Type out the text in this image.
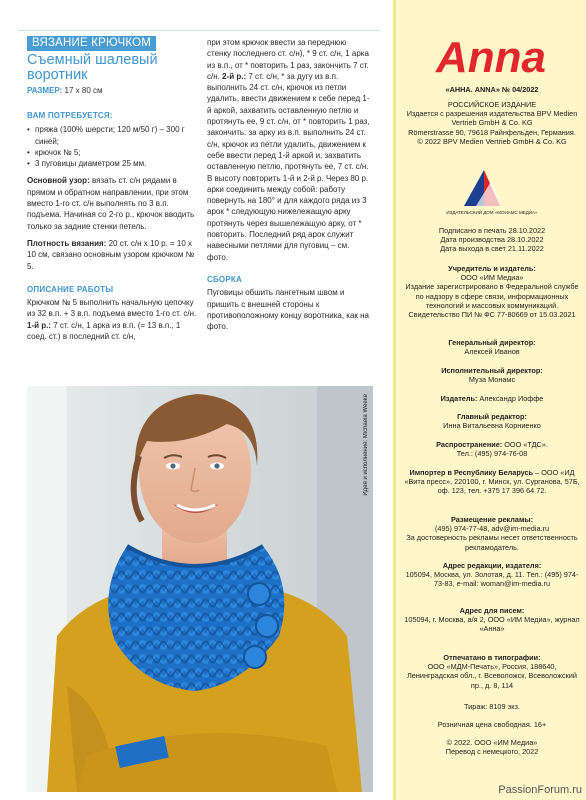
ВЯЗАНИЕ КРЮЧКОМ
Съемный шалевый воротник
РАЗМЕР: 17 х 80 см
ВАМ ПОТРЕБУЕТСЯ:
• пряжа (100% шерсти; 120 м/50 г) – 300 г синей;
• крючок № 5;
• 3 пуговицы диаметром 25 мм.
Основной узор: вязать ст. с/н рядами в прямом и обратном направлении, при этом вместо 1-го ст. с/н выполнять по 3 в.п. подъема. Начиная со 2-го р., крючок вводить только за задние стенки петель.
Плотность вязания: 20 ст. с/н х 10 р. = 10 х 10 см, связано основным узором крючком № 5.
ОПИСАНИЕ РАБОТЫ
Крючком № 5 выполнить начальную цепочку из 32 в.п. + 3 в.п. подъема вместо 1-го ст. с/н. 1-й р.: 7 ст. с/н, 1 арка из в.п. (= 13 в.п., 1 соед. ст.) в последний ст. с/н,
при этом крючок ввести за переднюю стенку последнего ст. с/н), * 9 ст. с/н, 1 арка из в.п., от * повторить 1 раз, закончить 7 ст. с/н. 2-й р.: 7 ст. с/н, * за дугу из в.п. выполнить 24 ст. с/н, крючок из петли удалить, ввести движением к себе перед 1-й аркой, захватить оставленную петлю и протянуть ее, 9 ст. с/н, от * повторить 1 раз, закончить: за арку из в.п. выполнить 24 ст. с/н, крючок из петли удалить, движением к себе ввести перед 1-й аркой и, захватить оставленную петлю, протянуть ее, 7 ст. с/н. В высоту повторить 1-й и 2-й р. Через 80 р. арки соединить между собой: работу повернуть на 180° и для каждого ряда из 3 арок * следующую нижележащую арку протянуть через вышележащую арку, от * повторить. Последний ряд арок служит навесными петлями для пуговиц – см. фото.
СБОРКА
Пуговицы обшить лангетным швом и пришить с внешней стороны к противоположному концу воротника, как на фото.
Идея и исполнение: Michaela Weeke
Anna
«АННА. ANNA» № 04/2022
РОССИЙСКОЕ ИЗДАНИЕ
Издается с разрешения издательства BPV Medien Vertrieb GmbH & Co. KG
Römerstrasse 90, 79618 Райнфельден, Германия.
© 2022 BPV Medien Vertrieb GmbH & Co. KG
ИЗДАТЕЛЬСКИЙ ДОМ «МОНАМС МЕДИА»
Подписано в печать 28.10.2022
Дата производства 28.10.2022
Дата выхода в свет 21.11.2022
Учредитель и издатель:
ООО «ИМ Медиа»
Издание зарегистрировано в Федеральной службе по надзору в сфере связи, информационных технологий и массовых коммуникаций. Свидетельство ПИ № ФС 77-80669 от 15.03.2021
Генеральный директор:
Алексей Иванов
Исполнительный директор:
Муза Монамс
Издатель: Александр Иоффе
Главный редактор:
Инна Витальевна Корниенко
Распространение: ООО «ТДС».
Тел.: (495) 974-76-08
Импортер в Республику Беларусь – ООО «ИД «Вита пресс», 220100, г. Минск, ул. Сурганова, 57Б, оф. 123, тел. +375 17 396 64 72.
Размещение рекламы:
(495) 974-77-48, adv@im-media.ru
За достоверность рекламы несет ответственность рекламодатель.
Адрес редакции, издателя:
105094, Москва, ул. Золотая, д. 11. Тел.: (495) 974-73-83, e-mail: woman@im-media.ru
Адрес для писем:
105094, г. Москва, а/я 2, ООО «ИМ Медиа», журнал «Анна»
Отпечатано в типографии:
ООО «МДМ-Печать», Россия, 188640, Ленинградская обл., г. Всеволожск, Всеволожский пр., д. 8, 114
Тираж: 8109 экз.
Розничная цена свободная. 16+
© 2022. ООО «ИМ Медиа»
Перевод с немецкого, 2022
PassionForum.ru
